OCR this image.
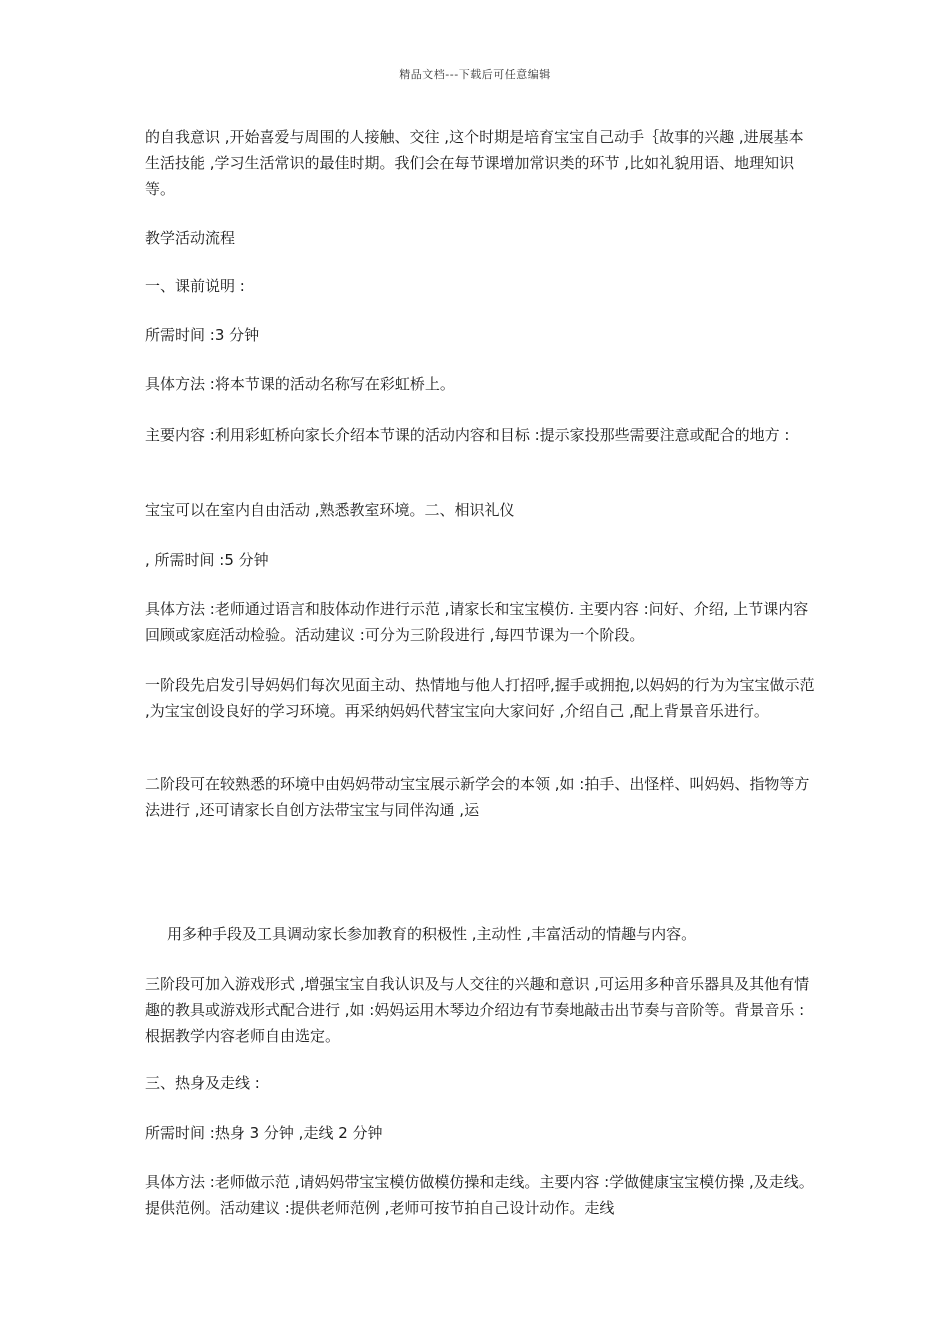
精品文档---下载后可任意编辑

的自我意识 ,开始喜爱与周围的人接触、交往 ,这个时期是培育宝宝自己动手｛故事的兴趣 ,进展基本生活技能 ,学习生活常识的最佳时期。我们会在每节课增加常识类的环节 ,比如礼貌用语、地理知识等。

教学活动流程

一、课前说明 :

所需时间 :3 分钟

具体方法 :将本节课的活动名称写在彩虹桥上。

主要内容 :利用彩虹桥向家长介绍本节课的活动内容和目标 :提示家投那些需要注意或配合的地方 :

宝宝可以在室内自由活动 ,熟悉教室环境。二、相识礼仪

, 所需时间 :5 分钟

具体方法 :老师通过语言和肢体动作进行示范 ,请家长和宝宝模仿. 主要内容 :问好、介绍, 上节课内容回顾或家庭活动检验。活动建议 :可分为三阶段进行 ,每四节课为一个阶段。

一阶段先启发引导妈妈们每次见面主动、热情地与他人打招呼,握手或拥抱,以妈妈的行为为宝宝做示范 ,为宝宝创设良好的学习环境。再采纳妈妈代替宝宝向大家问好 ,介绍自己 ,配上背景音乐进行。

二阶段可在较熟悉的环境中由妈妈带动宝宝展示新学会的本领 ,如 :拍手、出怪样、叫妈妈、指物等方法进行 ,还可请家长自创方法带宝宝与同伴沟通 ,运

用多种手段及工具调动家长参加教育的积极性 ,主动性 ,丰富活动的情趣与内容。

三阶段可加入游戏形式 ,增强宝宝自我认识及与人交往的兴趣和意识 ,可运用多种音乐器具及其他有情趣的教具或游戏形式配合进行 ,如 :妈妈运用木琴边介绍边有节奏地敲击出节奏与音阶等。背景音乐 :根据教学内容老师自由选定。

三、热身及走线 :

所需时间 :热身 3 分钟 ,走线 2 分钟

具体方法 :老师做示范 ,请妈妈带宝宝模仿做模仿操和走线。主要内容 :学做健康宝宝模仿操 ,及走线。提供范例。活动建议 :提供老师范例 ,老师可按节拍自己设计动作。走线
